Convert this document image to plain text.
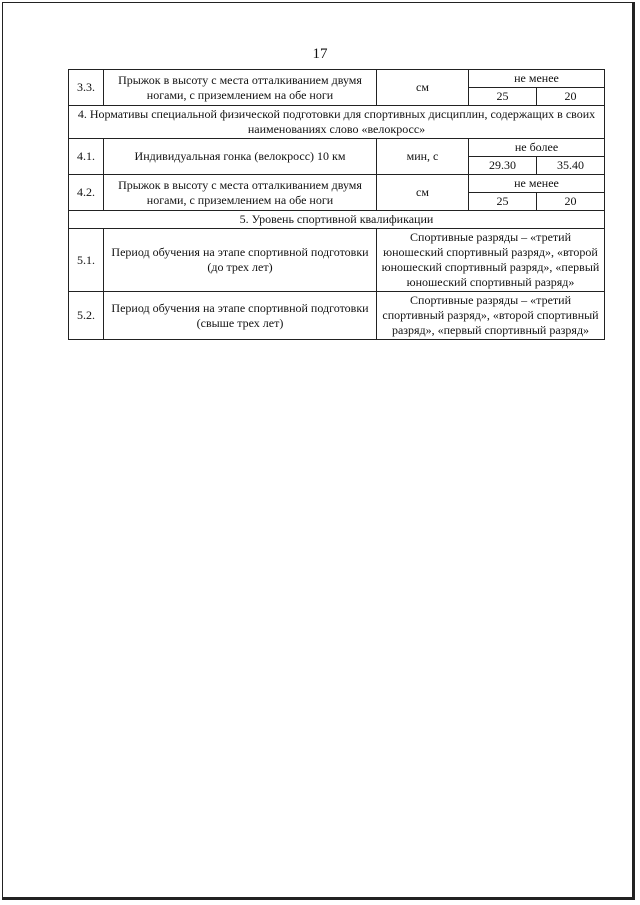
17
3.3.	Прыжок в высоту с места отталкиванием двумя ногами, с приземлением на обе ноги	см	не менее	
			25	20
4. Нормативы специальной физической подготовки для спортивных дисциплин, содержащих в своих наименованиях слово «велокросс»				
4.1.	Индивидуальная гонка (велокросс) 10 км	мин, с	не более	
			29.30	35.40
4.2.	Прыжок в высоту с места отталкиванием двумя ногами, с приземлением на обе ноги	см	не менее	
			25	20
5. Уровень спортивной квалификации				
5.1.	Период обучения на этапе спортивной подготовки (до трех лет)	Спортивные разряды – «третий юношеский спортивный разряд», «второй юношеский спортивный разряд», «первый юношеский спортивный разряд»		
5.2.	Период обучения на этапе спортивной подготовки (свыше трех лет)	Спортивные разряды – «третий спортивный разряд», «второй спортивный разряд», «первый спортивный разряд»		
